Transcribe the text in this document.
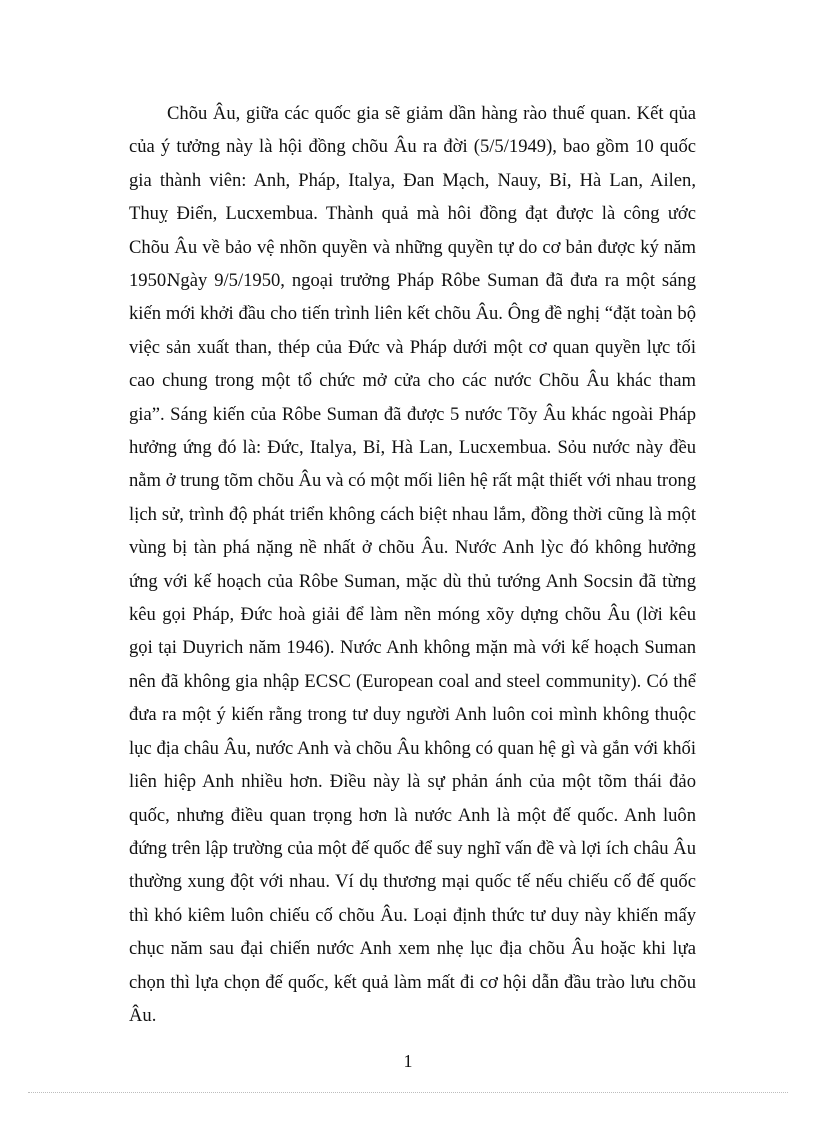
Chõu Âu, giữa các quốc gia sẽ giảm dần hàng rào thuế quan. Kết qủa của ý tưởng này là hội đồng chõu Âu ra đời (5/5/1949), bao gồm 10 quốc gia thành viên: Anh, Pháp, Italya, Đan Mạch, Nauy, Bỉ, Hà Lan, Ailen, Thuỵ Điển, Lucxembua. Thành quả mà hôi đồng đạt được là công ước Chõu Âu về bảo vệ nhõn quyền và những quyền tự do cơ bản được ký năm 1950.

Ngày 9/5/1950, ngoại trưởng Pháp Rôbe Suman đã đưa ra một sáng kiến mới khởi đầu cho tiến trình liên kết chõu Âu. Ông đề nghị “đặt toàn bộ việc sản xuất than, thép của Đức và Pháp dưới một cơ quan quyền lực tối cao chung trong một tổ chức mở cửa cho các nước Chõu Âu khác tham gia”. Sáng kiến của Rôbe Suman đã được 5 nước Tõy Âu khác ngoài Pháp hưởng ứng đó là: Đức, Italya, Bỉ, Hà Lan, Lucxembua. Sỏu nước này đều nằm ở trung tõm chõu Âu và có một mối liên hệ rất mật thiết với nhau trong lịch sử, trình độ phát triển không cách biệt nhau lắm, đồng thời cũng là một vùng bị tàn phá nặng nề nhất ở chõu Âu. Nước Anh lỳc đó không hưởng ứng với kế hoạch của Rôbe Suman, mặc dù thủ tướng Anh Socsin đã từng kêu gọi Pháp, Đức hoà giải để làm nền móng xõy dựng chõu Âu (lời kêu gọi tại Duyrich năm 1946). Nước Anh không mặn mà với kế hoạch Suman nên đã không gia nhập ECSC (European coal and steel community). Có thể đưa ra một ý kiến rằng trong tư duy người Anh luôn coi mình không thuộc lục địa châu Âu, nước Anh và chõu Âu không có quan hệ gì và gắn với khối liên hiệp Anh nhiều hơn. Điều này là sự phản ánh của một tõm thái đảo quốc, nhưng điều quan trọng hơn là nước Anh là một đế quốc. Anh luôn đứng trên lập trường của một đế quốc để suy nghĩ vấn đề và lợi ích châu Âu thường xung đột với nhau. Ví dụ thương mại quốc tế nếu chiếu cố đế quốc thì khó kiêm luôn chiếu cố chõu Âu. Loại định thức tư duy này khiến mấy chục năm sau đại chiến nước Anh xem nhẹ lục địa chõu Âu hoặc khi lựa chọn thì lựa chọn đế quốc, kết quả làm mất đi cơ hội dẫn đầu trào lưu chõu Âu.

1
